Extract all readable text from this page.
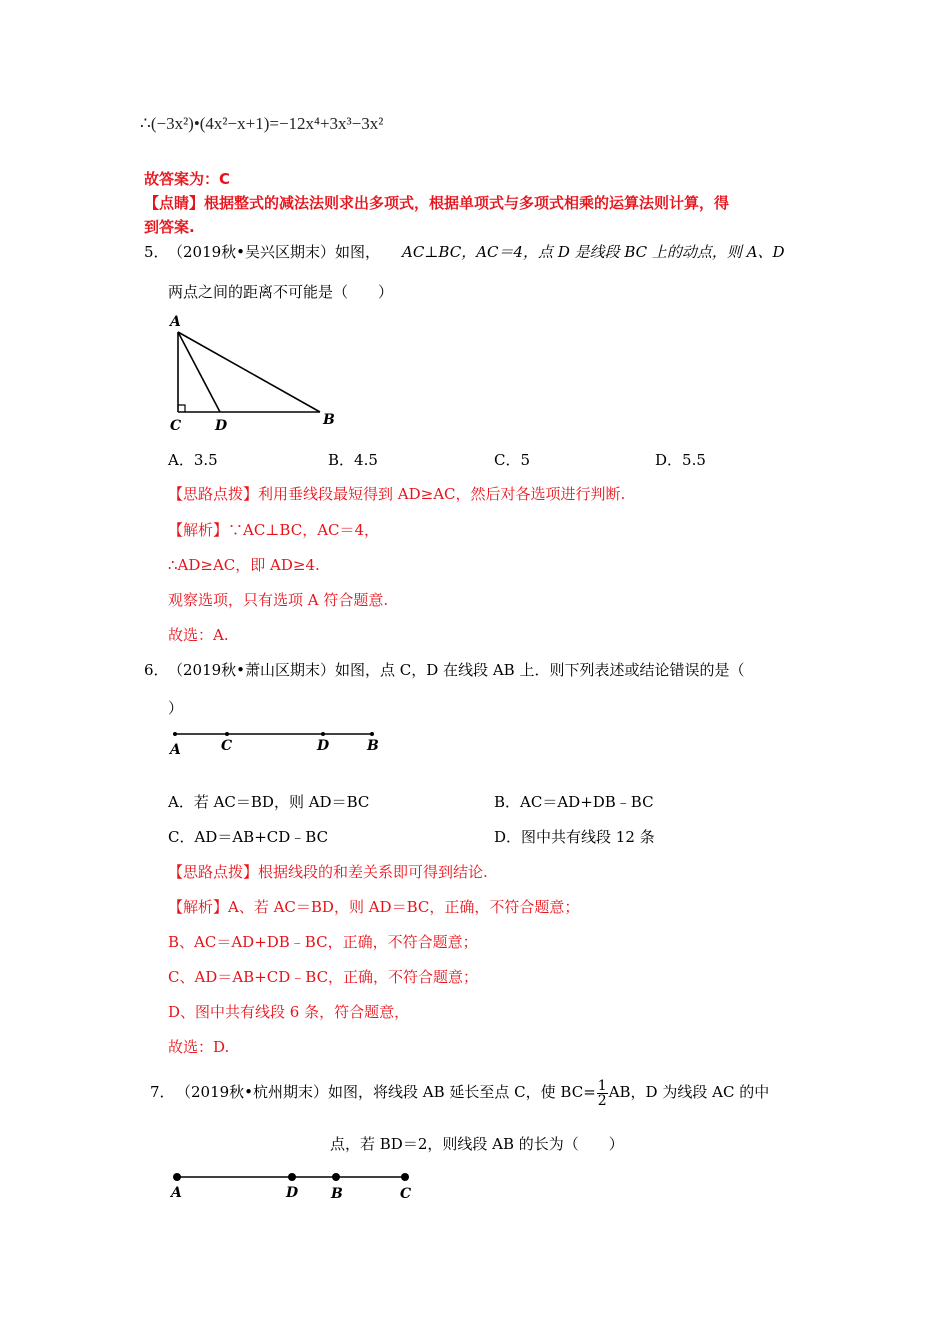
∴(−3x²)•(4x²−x+1)=−12x⁴+3x³−3x²
故答案为：C
【点睛】根据整式的减法法则求出多项式，根据单项式与多项式相乘的运算法则计算，得
到答案.
5． （2019秋•吴兴区期末）如图， AC⊥BC，AC＝4，点 D 是线段 BC 上的动点，则 A、D
两点之间的距离不可能是（　　）
A
C D	B
A．3.5	B．4.5	C．5	D．5.5
【思路点拨】利用垂线段最短得到 AD≥AC，然后对各选项进行判断.
【解析】∵AC⊥BC，AC＝4，
∴AD≥AC，即 AD≥4.
观察选项，只有选项 A 符合题意.
故选：A.
6． （2019秋•萧山区期末）如图，点 C，D 在线段 AB 上．则下列表述或结论错误的是（
）
A	C	D	B
A．若 AC＝BD，则 AD＝BC	B．AC＝AD+DB﹣BC
C．AD＝AB+CD﹣BC	D．图中共有线段 12 条
【思路点拨】根据线段的和差关系即可得到结论.
【解析】A、若 AC＝BD，则 AD＝BC，正确，不符合题意；
B、AC＝AD+DB﹣BC，正确，不符合题意；
C、AD＝AB+CD﹣BC，正确，不符合题意；
D、图中共有线段 6 条，符合题意，
故选：D.
7． （2019秋•杭州期末）如图，将线段 AB 延长至点 C，使 $BC= \frac{1}{2}$ AB，D 为线段 AC 的中
点，若 BD＝2，则线段 AB 的长为（　　）
A	D B	C
